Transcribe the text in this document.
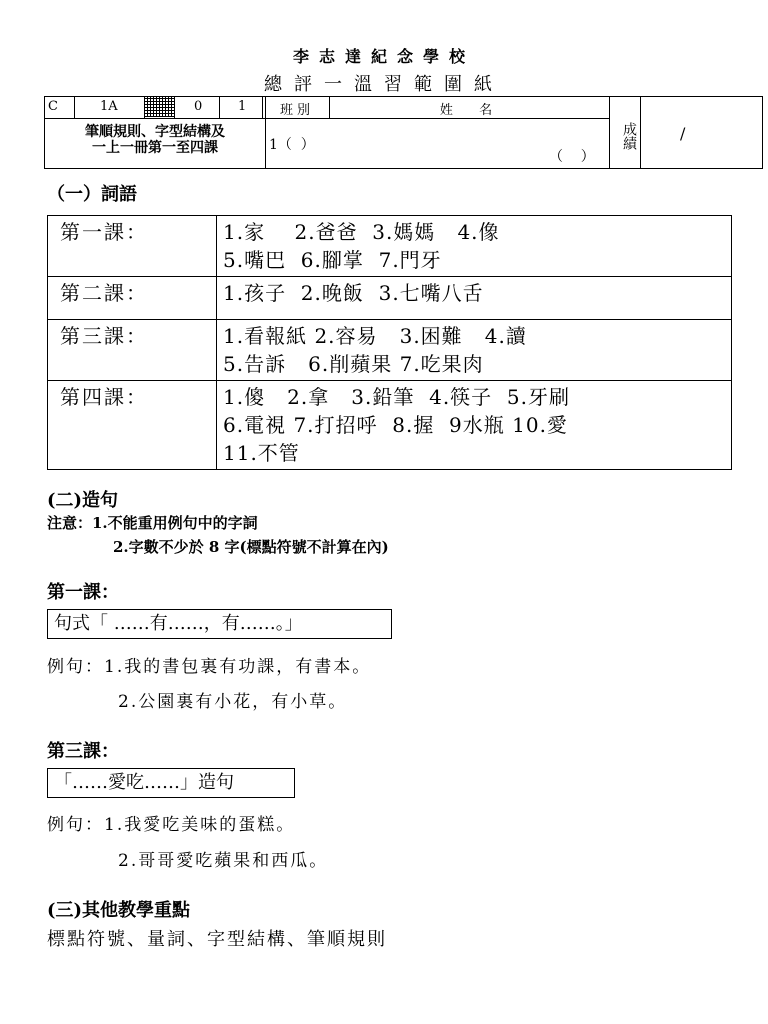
李志達紀念學校
總評一溫習範圍紙
C	1A	0	1	班別	姓  名
成績	/
筆順規則、字型結構及
一上一冊第一至四課	1（  ）
（    ）
（一）詞語
第一課：	1.家    2.爸爸  3.媽媽   4.像
5.嘴巴  6.腳掌  7.門牙

第二課：	1.孩子  2.晚飯  3.七嘴八舌

第三課：	1.看報紙 2.容易   3.困難   4.讀
5.告訴   6.削蘋果 7.吃果肉

第四課：	1.傻   2.拿   3.鉛筆  4.筷子  5.牙刷
6.電視 7.打招呼  8.握  9水瓶 10.愛
11.不管
(二)造句
注意：1.不能重用例句中的字詞
2.字數不少於 8 字(標點符號不計算在內)
第一課：
句式「 ……有……，有……。」
例句：1.我的書包裏有功課，有書本。
2.公園裏有小花，有小草。
第三課：
「……愛吃……」造句
例句：1.我愛吃美味的蛋糕。
2.哥哥愛吃蘋果和西瓜。
(三)其他教學重點
標點符號、量詞、字型結構、筆順規則
